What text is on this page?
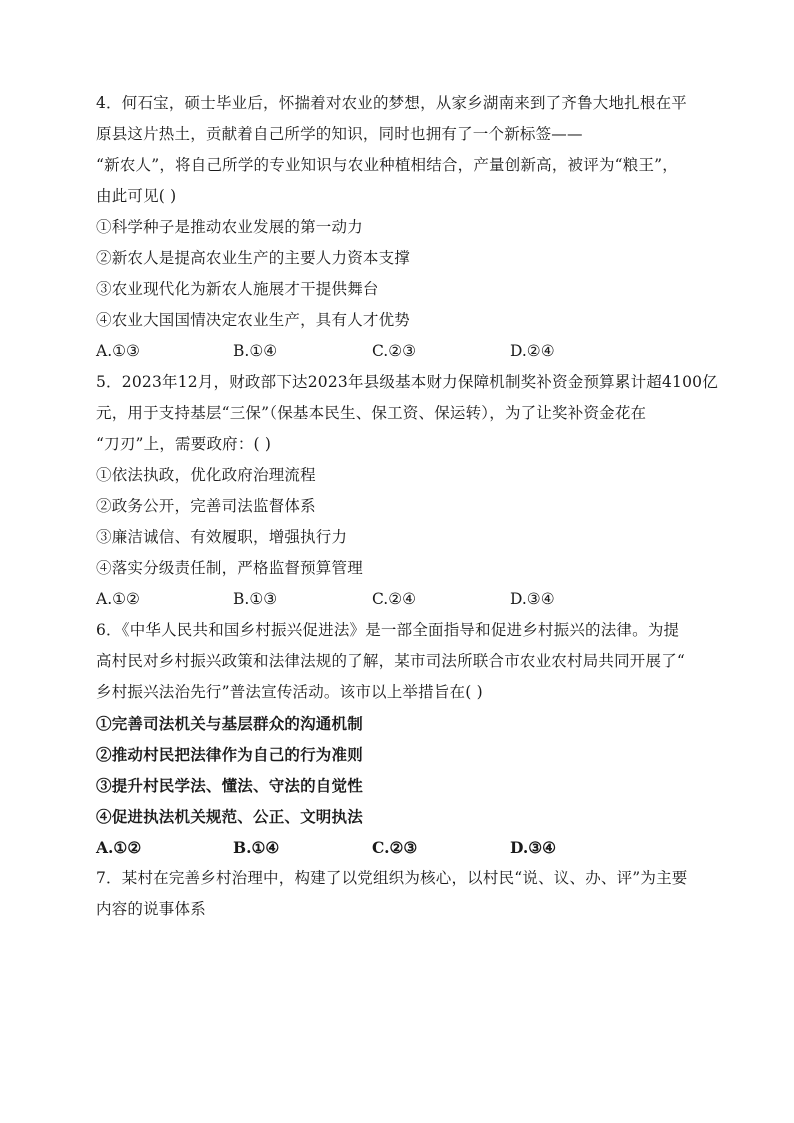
4．何石宝，硕士毕业后，怀揣着对农业的梦想，从家乡湖南来到了齐鲁大地扎根在平
原县这片热土，贡献着自己所学的知识，同时也拥有了一个新标签——
“新农人”，将自己所学的专业知识与农业种植相结合，产量创新高，被评为“粮王”，
由此可见( )
①科学种子是推动农业发展的第一动力
②新农人是提高农业生产的主要人力资本支撑
③农业现代化为新农人施展才干提供舞台
④农业大国国情决定农业生产，具有人才优势
A.①③	B.①④	C.②③	D.②④
5．2023年12月，财政部下达2023年县级基本财力保障机制奖补资金预算累计超4100亿
元，用于支持基层“三保”（保基本民生、保工资、保运转），为了让奖补资金花在
“刀刃”上，需要政府：( )
①依法执政，优化政府治理流程
②政务公开，完善司法监督体系
③廉洁诚信、有效履职，增强执行力
④落实分级责任制，严格监督预算管理
A.①②	B.①③	C.②④	D.③④
6．《中华人民共和国乡村振兴促进法》是一部全面指导和促进乡村振兴的法律。为提
高村民对乡村振兴政策和法律法规的了解，某市司法所联合市农业农村局共同开展了“
乡村振兴法治先行”普法宣传活动。该市以上举措旨在( )
①完善司法机关与基层群众的沟通机制
②推动村民把法律作为自己的行为准则
③提升村民学法、懂法、守法的自觉性
④促进执法机关规范、公正、文明执法
A.①②	B.①④	C.②③	D.③④
7．某村在完善乡村治理中，构建了以党组织为核心，以村民“说、议、办、评”为主要
内容的说事体系
